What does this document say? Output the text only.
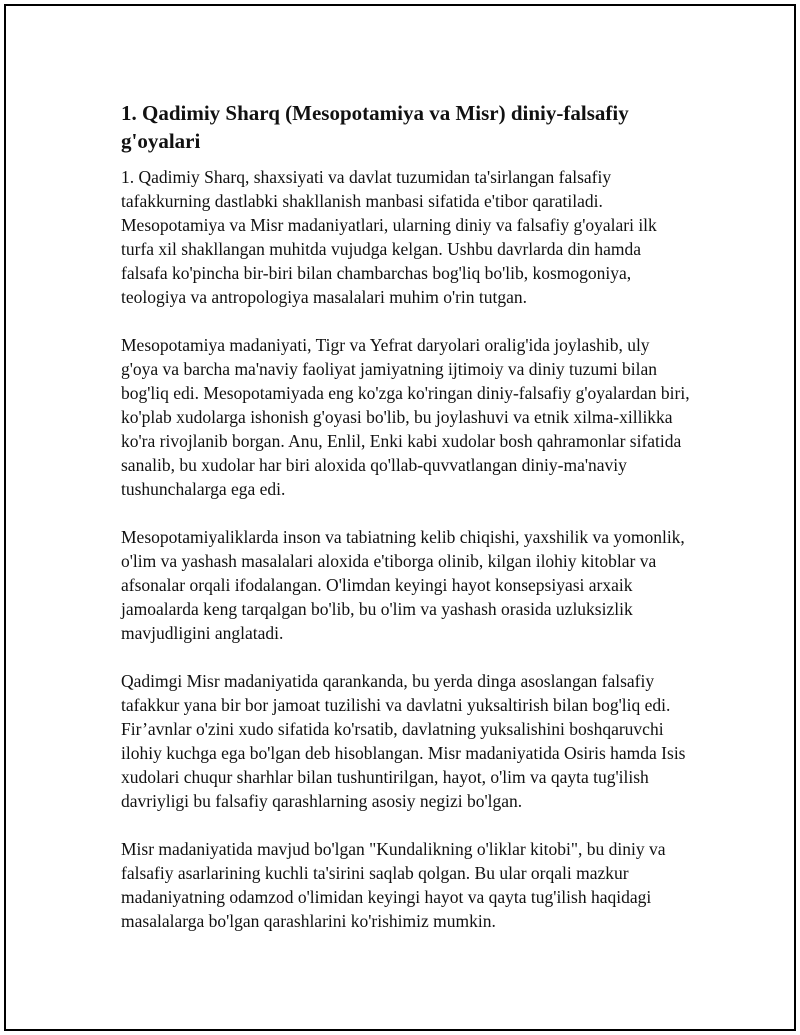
1. Qadimiy Sharq (Mesopotamiya va Misr) diniy-falsafiy g'oyalari

1. Qadimiy Sharq, shaxsiyati va davlat tuzumidan ta'sirlangan falsafiy tafakkurning dastlabki shakllanish manbasi sifatida e'tibor qaratiladi. Mesopotamiya va Misr madaniyatlari, ularning diniy va falsafiy g'oyalari ilk turfa xil shakllangan muhitda vujudga kelgan. Ushbu davrlarda din hamda falsafa ko'pincha bir-biri bilan chambarchas bog'liq bo'lib, kosmogoniya, teologiya va antropologiya masalalari muhim o'rin tutgan.

Mesopotamiya madaniyati, Tigr va Yefrat daryolari oralig'ida joylashib, uly g'oya va barcha ma'naviy faoliyat jamiyatning ijtimoiy va diniy tuzumi bilan bog'liq edi. Mesopotamiyada eng ko'zga ko'ringan diniy-falsafiy g'oyalardan biri, ko'plab xudolarga ishonish g'oyasi bo'lib, bu joylashuvi va etnik xilma-xillikka ko'ra rivojlanib borgan. Anu, Enlil, Enki kabi xudolar bosh qahramonlar sifatida sanalib, bu xudolar har biri aloxida qo'llab-quvvatlangan diniy-ma'naviy tushunchalarga ega edi.

Mesopotamiyaliklarda inson va tabiatning kelib chiqishi, yaxshilik va yomonlik, o'lim va yashash masalalari aloxida e'tiborga olinib, kilgan ilohiy kitoblar va afsonalar orqali ifodalangan. O'limdan keyingi hayot konsepsiyasi arxaik jamoalarda keng tarqalgan bo'lib, bu o'lim va yashash orasida uzluksizlik mavjudligini anglatadi.

Qadimgi Misr madaniyatida qarankanda, bu yerda dinga asoslangan falsafiy tafakkur yana bir bor jamoat tuzilishi va davlatni yuksaltirish bilan bog'liq edi. Fir’avnlar o'zini xudo sifatida ko'rsatib, davlatning yuksalishini boshqaruvchi ilohiy kuchga ega bo'lgan deb hisoblangan. Misr madaniyatida Osiris hamda Isis xudolari chuqur sharhlar bilan tushuntirilgan, hayot, o'lim va qayta tug'ilish davriyligi bu falsafiy qarashlarning asosiy negizi bo'lgan.

Misr madaniyatida mavjud bo'lgan "Kundalikning o'liklar kitobi", bu diniy va falsafiy asarlarining kuchli ta'sirini saqlab qolgan. Bu ular orqali mazkur madaniyatning odamzod o'limidan keyingi hayot va qayta tug'ilish haqidagi masalalarga bo'lgan qarashlarini ko'rishimiz mumkin.
